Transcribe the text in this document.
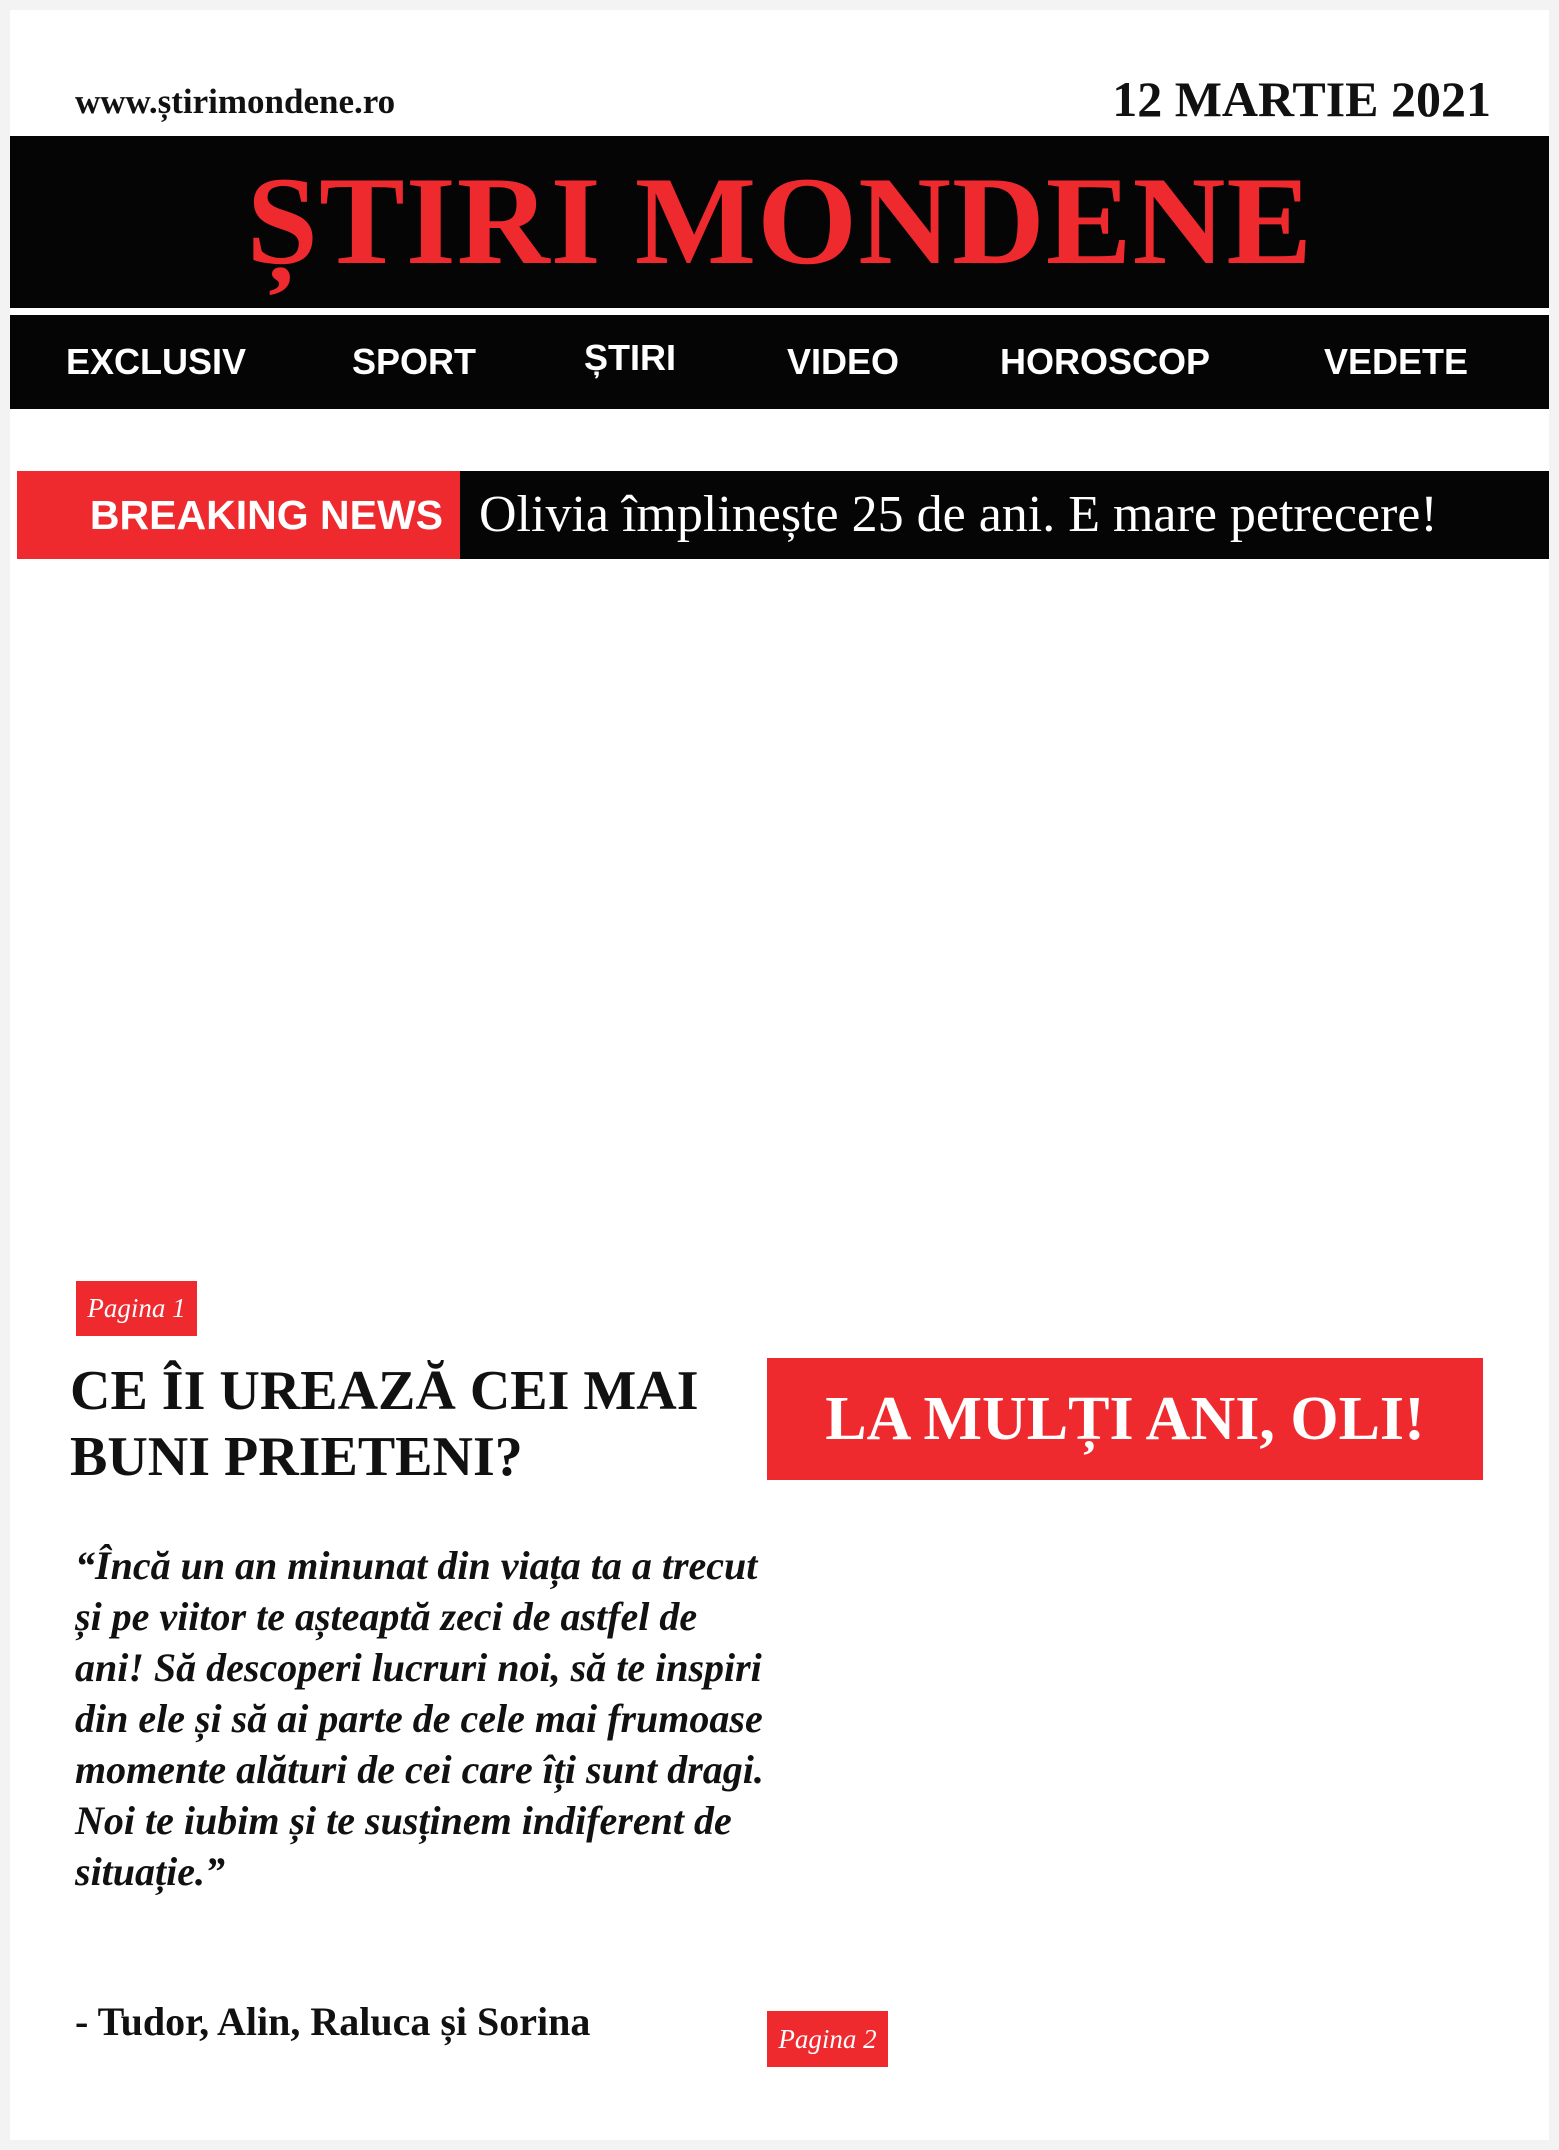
www.știrimondene.ro	12 MARTIE 2021
ȘTIRI MONDENE
EXCLUSIV	SPORT	ȘTIRI	VIDEO	HOROSCOP	VEDETE
BREAKING NEWS Olivia împlinește 25 de ani. E mare petrecere!
Pagina 1
CE ÎI UREAZĂ CEI MAI BUNI PRIETENI?
“Încă un an minunat din viața ta a trecut și pe viitor te așteaptă zeci de astfel de ani! Să descoperi lucruri noi, să te inspiri din ele și să ai parte de cele mai frumoase momente alături de cei care îți sunt dragi. Noi te iubim și te susținem indiferent de situație.”
- Tudor, Alin, Raluca și Sorina
LA MULȚI ANI, OLI!
Pagina 2
